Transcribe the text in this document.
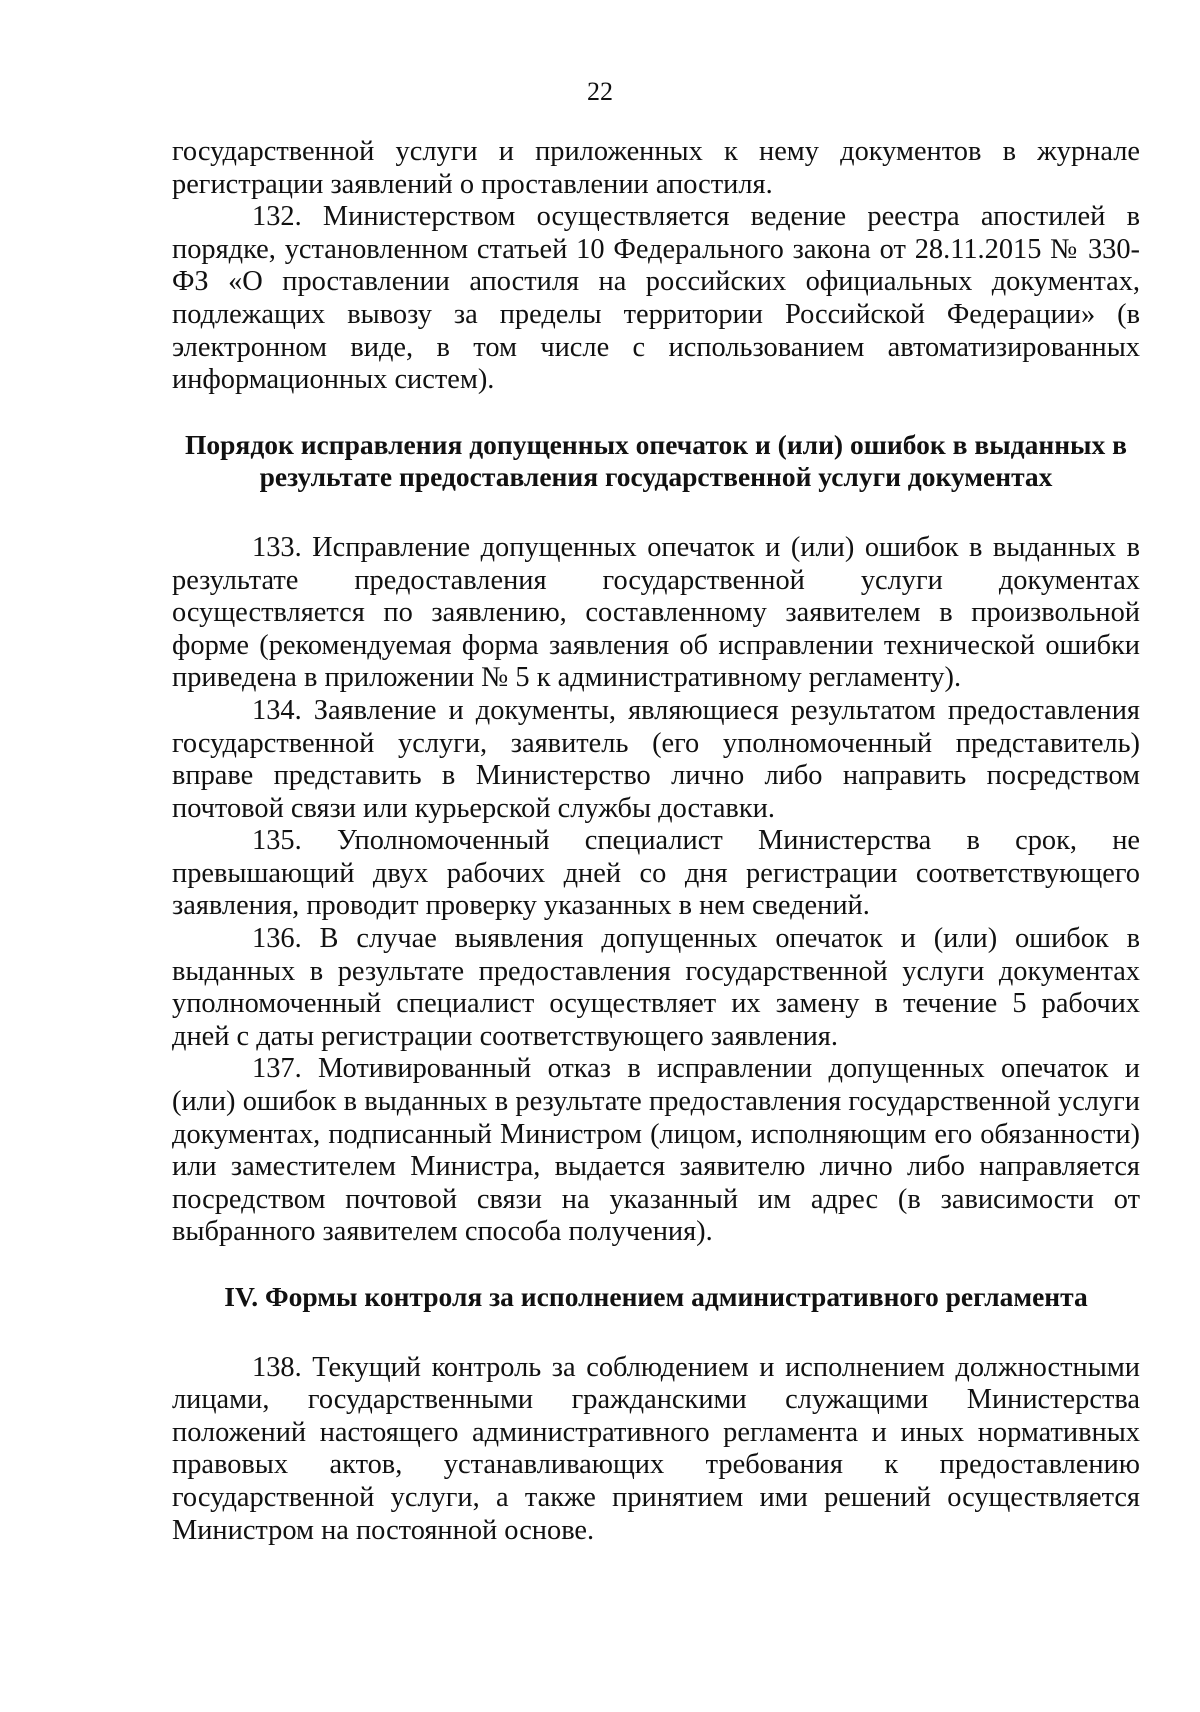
22

государственной услуги и приложенных к нему документов в журнале регистрации заявлений о проставлении апостиля.

132. Министерством осуществляется ведение реестра апостилей в порядке, установленном статьей 10 Федерального закона от 28.11.2015 № 330-ФЗ «О проставлении апостиля на российских официальных документах, подлежащих вывозу за пределы территории Российской Федерации» (в электронном виде, в том числе с использованием автоматизированных информационных систем).

Порядок исправления допущенных опечаток и (или) ошибок в выданных в результате предоставления государственной услуги документах

133. Исправление допущенных опечаток и (или) ошибок в выданных в результате предоставления государственной услуги документах осуществляется по заявлению, составленному заявителем в произвольной форме (рекомендуемая форма заявления об исправлении технической ошибки приведена в приложении № 5 к административному регламенту).

134. Заявление и документы, являющиеся результатом предоставления государственной услуги, заявитель (его уполномоченный представитель) вправе представить в Министерство лично либо направить посредством почтовой связи или курьерской службы доставки.

135. Уполномоченный специалист Министерства в срок, не превышающий двух рабочих дней со дня регистрации соответствующего заявления, проводит проверку указанных в нем сведений.

136. В случае выявления допущенных опечаток и (или) ошибок в выданных в результате предоставления государственной услуги документах уполномоченный специалист осуществляет их замену в течение 5 рабочих дней с даты регистрации соответствующего заявления.

137. Мотивированный отказ в исправлении допущенных опечаток и (или) ошибок в выданных в результате предоставления государственной услуги документах, подписанный Министром (лицом, исполняющим его обязанности) или заместителем Министра, выдается заявителю лично либо направляется посредством почтовой связи на указанный им адрес (в зависимости от выбранного заявителем способа получения).

IV. Формы контроля за исполнением административного регламента

138. Текущий контроль за соблюдением и исполнением должностными лицами, государственными гражданскими служащими Министерства положений настоящего административного регламента и иных нормативных правовых актов, устанавливающих требования к предоставлению государственной услуги, а также принятием ими решений осуществляется Министром на постоянной основе.
